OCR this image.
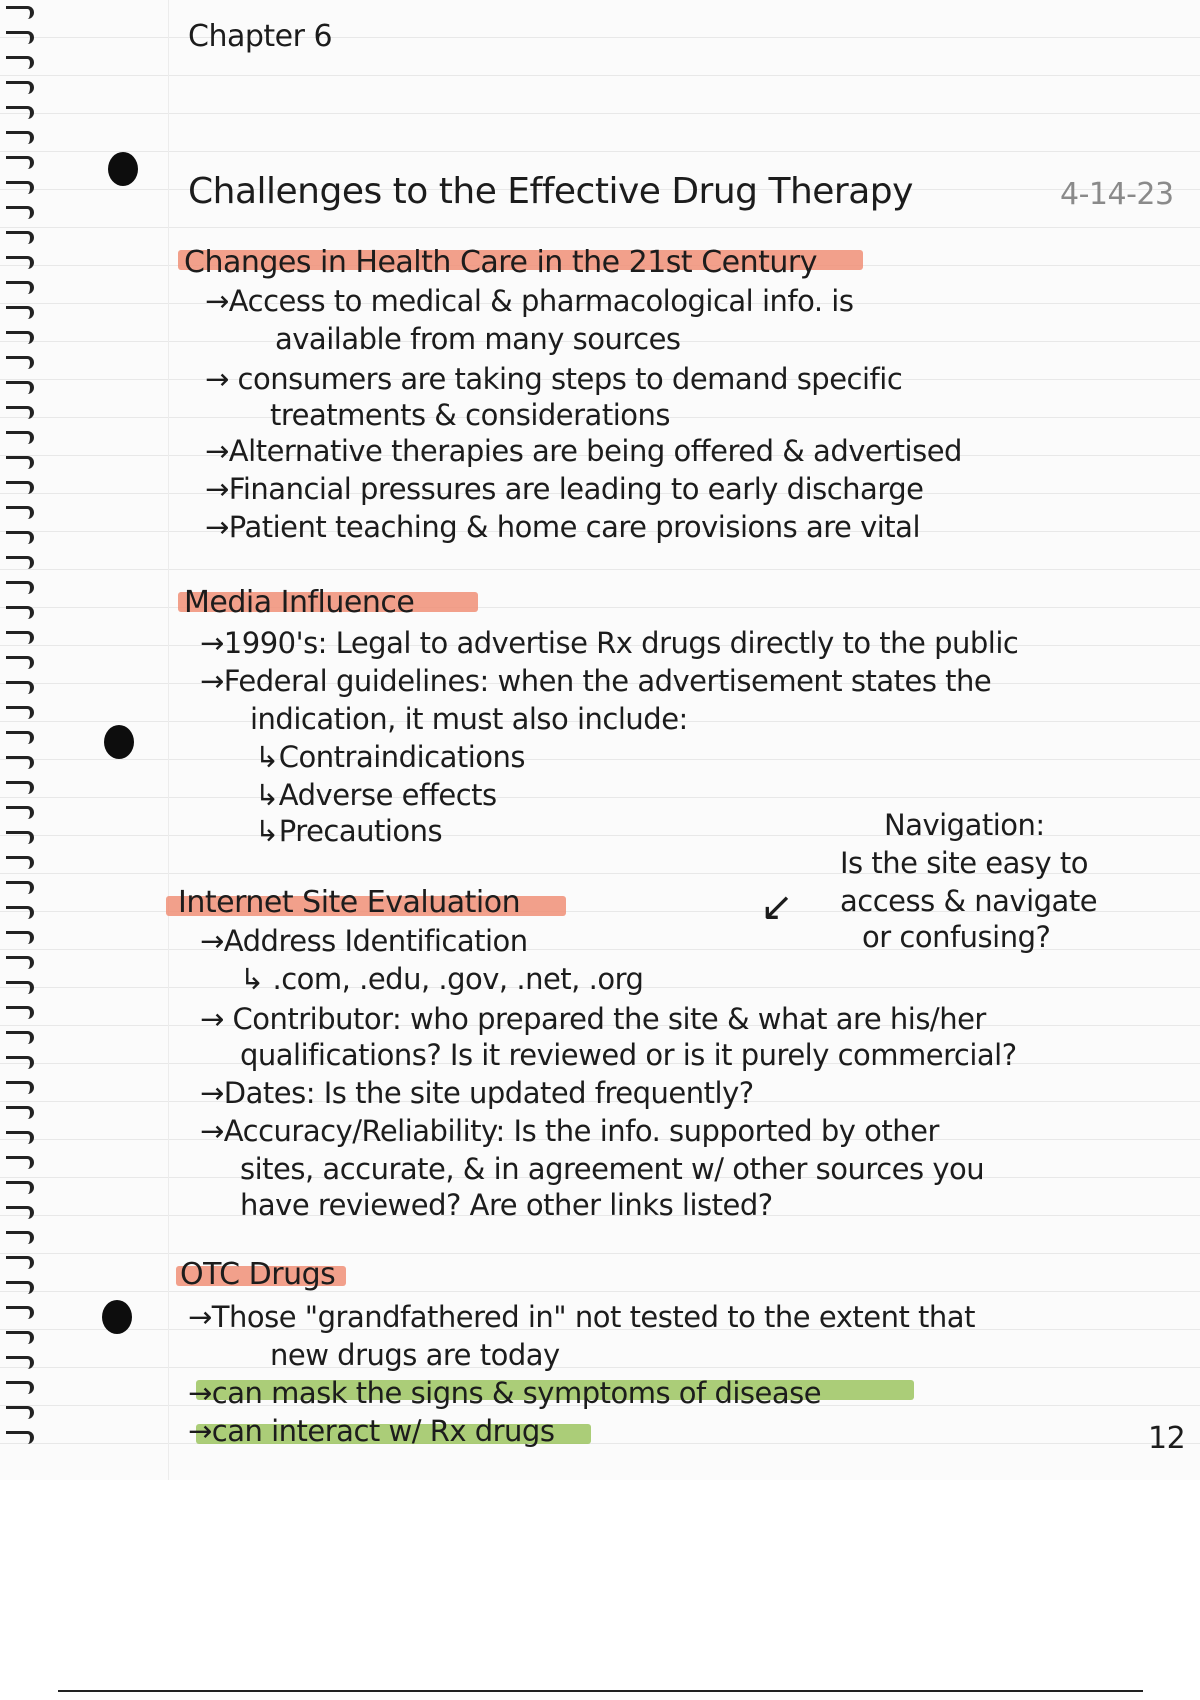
Chapter 6
Challenges to the Effective Drug Therapy	4-14-23
Changes in Health Care in the 21st Century
→Access to medical & pharmacological info. is
available from many sources
→ consumers are taking steps to demand specific
treatments & considerations
→Alternative therapies are being offered & advertised
→Financial pressures are leading to early discharge
→Patient teaching & home care provisions are vital
Media Influence
→1990's: Legal to advertise Rx drugs directly to the public
→Federal guidelines: when the advertisement states the
indication, it must also include:
↳Contraindications
↳Adverse effects
↳Precautions
↙
Navigation:
Is the site easy to
access & navigate
or confusing?
Internet Site Evaluation
→Address Identification
↳ .com, .edu, .gov, .net, .org
→ Contributor: who prepared the site & what are his/her
qualifications? Is it reviewed or is it purely commercial?
→Dates: Is the site updated frequently?
→Accuracy/Reliability: Is the info. supported by other
sites, accurate, & in agreement w/ other sources you
have reviewed? Are other links listed?
OTC Drugs
→Those "grandfathered in" not tested to the extent that
new drugs are today
→can mask the signs & symptoms of disease
→can interact w/ Rx drugs	12
